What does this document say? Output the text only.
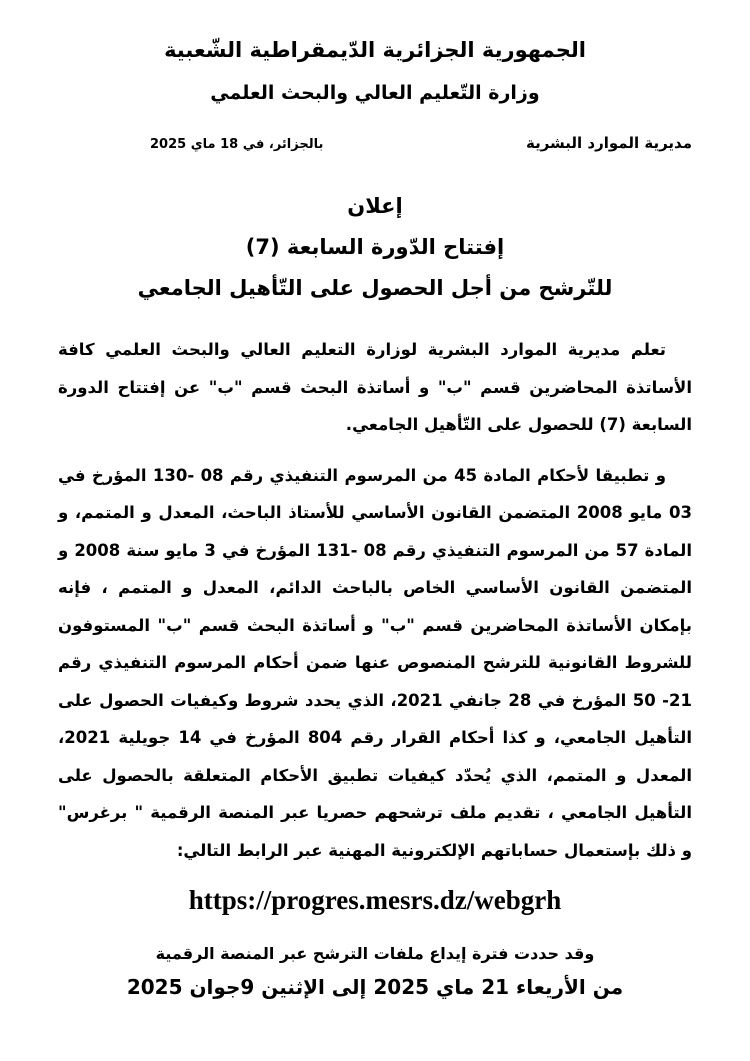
الجمهورية الجزائرية الدّيمقراطية الشّعبية
وزارة التّعليم العالي والبحث العلمي
مديرية الموارد البشرية
بالجزائر، في 18 ماي 2025
إعلان
إفتتاح الدّورة السابعة (7)
للتّرشح من أجل الحصول على التّأهيل الجامعي
تعلم مديرية الموارد البشرية لوزارة التعليم العالي والبحث العلمي كافة الأساتذة المحاضرين قسم "ب" و أساتذة البحث قسم "ب" عن إفتتاح الدورة السابعة (7) للحصول على التّأهيل الجامعي.
و تطبيقا لأحكام المادة 45 من المرسوم التنفيذي رقم 08 -130 المؤرخ في 03 مايو 2008 المتضمن القانون الأساسي للأستاذ الباحث، المعدل و المتمم، و المادة 57 من المرسوم التنفيذي رقم 08 -131 المؤرخ في 3 مايو سنة 2008 و المتضمن القانون الأساسي الخاص بالباحث الدائم، المعدل و المتمم ، فإنه بإمكان الأساتذة المحاضرين قسم "ب" و أساتذة البحث قسم "ب" المستوفون للشروط القانونية للترشح المنصوص عنها ضمن أحكام المرسوم التنفيذي رقم 21- 50 المؤرخ في 28 جانفي 2021، الذي يحدد شروط وكيفيات الحصول على التأهيل الجامعي، و كذا أحكام القرار رقم 804 المؤرخ في 14 جويلية 2021، المعدل و المتمم، الذي يُحدّد كيفيات تطبيق الأحكام المتعلقة بالحصول على التأهيل الجامعي ، تقديم ملف ترشحهم حصريا عبر المنصة الرقمية " برغرس" و ذلك بإستعمال حساباتهم الإلكترونية المهنية عبر الرابط التالي:
https://progres.mesrs.dz/webgrh
وقد حددت فترة إيداع ملفات الترشح عبر المنصة الرقمية
من الأريعاء 21 ماي 2025 إلى الإثنين 9جوان 2025
